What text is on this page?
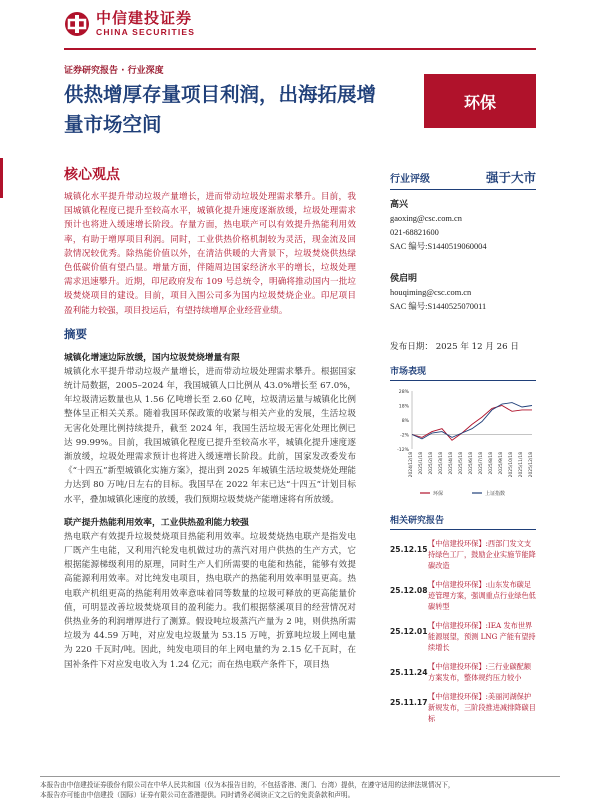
中信建投证券
CHINA SECURITIES
证券研究报告 · 行业深度
供热增厚存量项目利润，出海拓展增量市场空间
环保
核心观点
城镇化水平提升带动垃圾产量增长，进而带动垃圾处理需求攀升。目前，我国城镇化程度已提升至较高水平，城镇化提升速度逐渐放缓，垃圾处理需求预计也将进入缓速增长阶段。存量方面，热电联产可以有效提升热能利用效率，有助于增厚项目利润。同时，工业供热价格机制较为灵活，现金流及回款情况较优秀。除热能价值以外，在清洁供暖的大背景下，垃圾焚烧供热绿色低碳价值有望凸显。增量方面，伴随周边国家经济水平的增长，垃圾处理需求迅速攀升。近期，印尼政府发布 109 号总统令，明确将推动国内一批垃圾焚烧项目的建设。目前，项目入围公司多为国内垃圾焚烧企业。印尼项目盈利能力较强，项目投运后，有望持续增厚企业经营业绩。
摘要
城镇化增速边际放缓，国内垃圾焚烧增量有限
城镇化水平提升带动垃圾产量增长，进而带动垃圾处理需求攀升。根据国家统计局数据，2005–2024 年，我国城镇人口比例从 43.0%增长至 67.0%，年垃圾清运数量也从 1.56 亿吨增长至 2.60 亿吨，垃圾清运量与城镇化比例整体呈正相关关系。随着我国环保政策的收紧与相关产业的发展，生活垃圾无害化处理比例持续提升，截至 2024 年，我国生活垃圾无害化处理比例已达 99.99%。目前，我国城镇化程度已提升至较高水平，城镇化提升速度逐渐放缓，垃圾处理需求预计也将进入缓速增长阶段。此前，国家发改委发布《“十四五”新型城镇化实施方案》，提出到 2025 年城镇生活垃圾焚烧处理能力达到 80 万吨/日左右的目标。我国早在 2022 年末已达“十四五”计划目标水平，叠加城镇化速度的放缓，我们预期垃圾焚烧产能增速将有所放缓。
联产提升热能利用效率，工业供热盈利能力较强
热电联产有效提升垃圾焚烧项目热能利用效率。垃圾焚烧热电联产是指发电厂既产生电能，又利用汽轮发电机做过功的蒸汽对用户供热的生产方式，它根据能源梯级利用的原理，同时生产人们所需要的电能和热能，能够有效提高能源利用效率。对比纯发电项目，热电联产的热能利用效率明显更高。热电联产机组更高的热能利用效率意味着同等数量的垃圾可释放的更高能量价值，可明显改善垃圾焚烧项目的盈利能力。我们根据蔡溪项目的经营情况对供热业务的利润增厚进行了测算。假设吨垃圾蒸汽产量为 2 吨，则供热所需垃圾为 44.59 万吨，对应发电垃圾量为 53.15 万吨，折算吨垃圾上网电量为 220 千瓦时/吨。因此，纯发电项目的年上网电量约为 2.15 亿千瓦时，在国补条件下对应发电收入为 1.24 亿元；而在热电联产条件下，项目热
行业评级	强于大市
高兴
gaoxing@csc.com.cn
021-68821600
SAC 编号:S1440519060004
侯启明
houqiming@csc.com.cn
SAC 编号:S1440525070011
发布日期： 2025 年 12 月 26 日
市场表现
28%
18%
8%
-2%
-12%
2024/12/18 2025/1/18 2025/2/18 2025/3/18 2025/4/18 2025/5/18 2025/6/18 2025/7/18 2025/8/18 2025/9/18 2025/10/18 2025/11/18 2025/12/18
环保	上证指数
相关研究报告
25.12.15
【中信建投环保】:西部门发文支持绿色工厂，鼓励企业实施节能降碳改造
25.12.08
【中信建投环保】:山东发布碳足迹管理方案，强调重点行业绿色低碳转型
25.12.01
【中信建投环保】:IEA 发布世界能源展望，预测 LNG 产能有望持续增长
25.11.24
【中信建投环保】:三行业碳配额方案发布，整体规约压力较小
25.11.17
【中信建投环保】:美丽河湖保护新规发布，三阶段推进减排降碳目标
本报告由中信建投证券股份有限公司在中华人民共和国（仅为本报告目的，不包括香港、澳门、台湾）提供，在遵守适用的法律法规情况下，
本报告亦可能由中信建投（国际）证券有限公司在香港提供。同时请务必阅读正文之后的免责条款和声明。
